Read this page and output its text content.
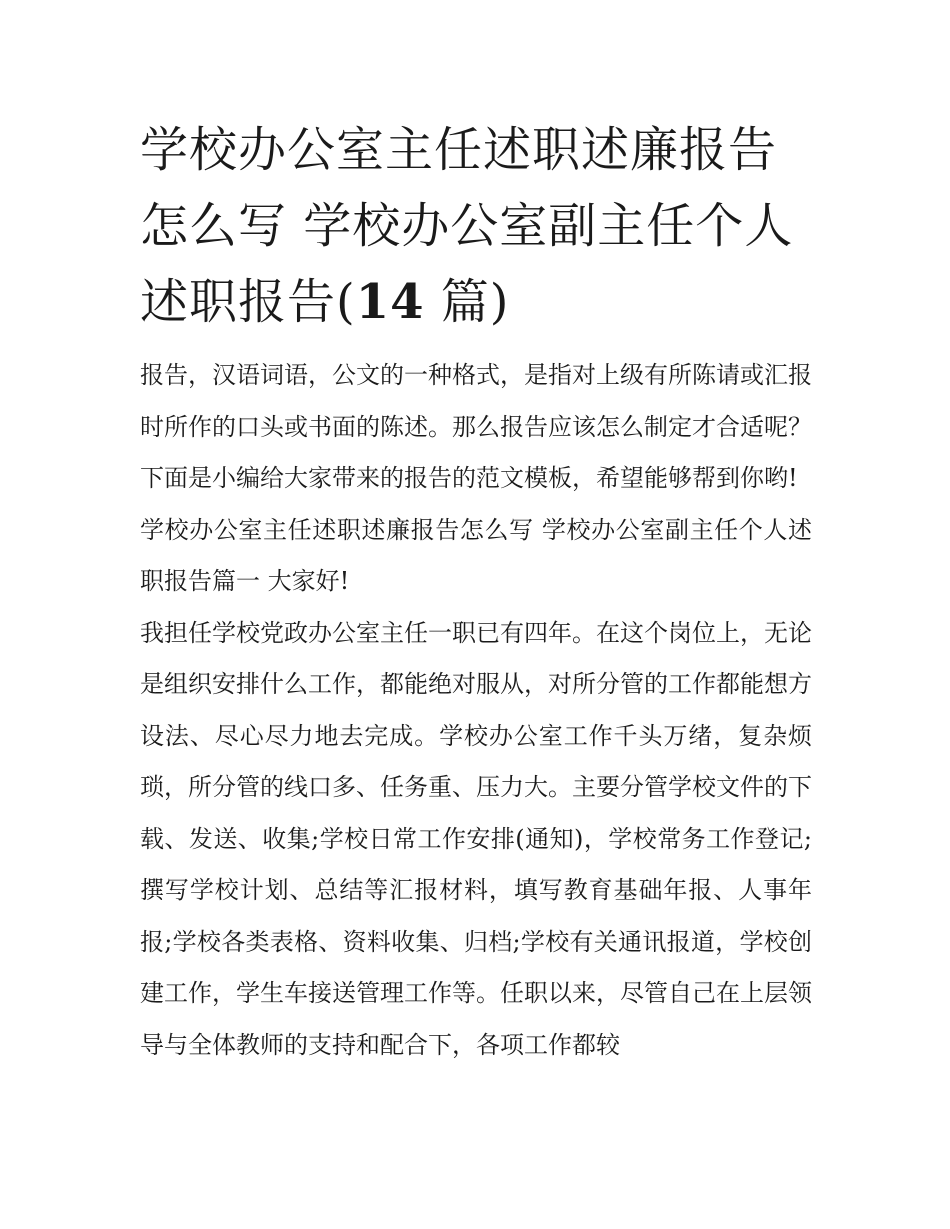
学校办公室主任述职述廉报告怎么写 学校办公室副主任个人述职报告(14 篇)

报告，汉语词语，公文的一种格式，是指对上级有所陈请或汇报时所作的口头或书面的陈述。那么报告应该怎么制定才合适呢？下面是小编给大家带来的报告的范文模板，希望能够帮到你哟!

学校办公室主任述职述廉报告怎么写 学校办公室副主任个人述职报告篇一 大家好!

我担任学校党政办公室主任一职已有四年。在这个岗位上，无论是组织安排什么工作，都能绝对服从，对所分管的工作都能想方设法、尽心尽力地去完成。学校办公室工作千头万绪，复杂烦琐，所分管的线口多、任务重、压力大。主要分管学校文件的下载、发送、收集;学校日常工作安排(通知)，学校常务工作登记;撰写学校计划、总结等汇报材料，填写教育基础年报、人事年报;学校各类表格、资料收集、归档;学校有关通讯报道，学校创建工作，学生车接送管理工作等。任职以来，尽管自己在上层领导与全体教师的支持和配合下，各项工作都较
